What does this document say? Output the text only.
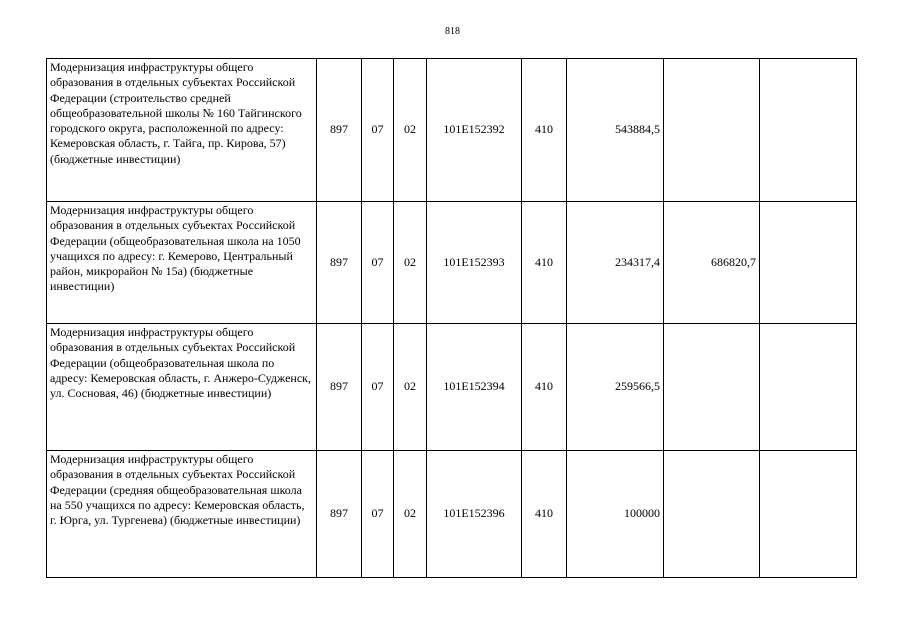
818
Модернизация инфраструктуры общего образования в отдельных субъектах Российской Федерации (строительство средней общеобразовательной школы № 160 Тайгинского городского округа, расположенной по адресу: Кемеровская область, г. Тайга, пр. Кирова, 57) (бюджетные инвестиции)	897	07	02	101E152392	410	543884,5		
Модернизация инфраструктуры общего образования в отдельных субъектах Российской Федерации (общеобразовательная школа на 1050 учащихся по адресу: г. Кемерово, Центральный район, микрорайон № 15а) (бюджетные инвестиции)	897	07	02	101E152393	410	234317,4	686820,7	
Модернизация инфраструктуры общего образования в отдельных субъектах Российской Федерации (общеобразовательная школа по адресу: Кемеровская область, г. Анжеро-Судженск, ул. Сосновая, 46) (бюджетные инвестиции)	897	07	02	101E152394	410	259566,5		
Модернизация инфраструктуры общего образования в отдельных субъектах Российской Федерации (средняя общеобразовательная школа на 550 учащихся по адресу: Кемеровская область, г. Юрга, ул. Тургенева) (бюджетные инвестиции)	897	07	02	101E152396	410	100000		
